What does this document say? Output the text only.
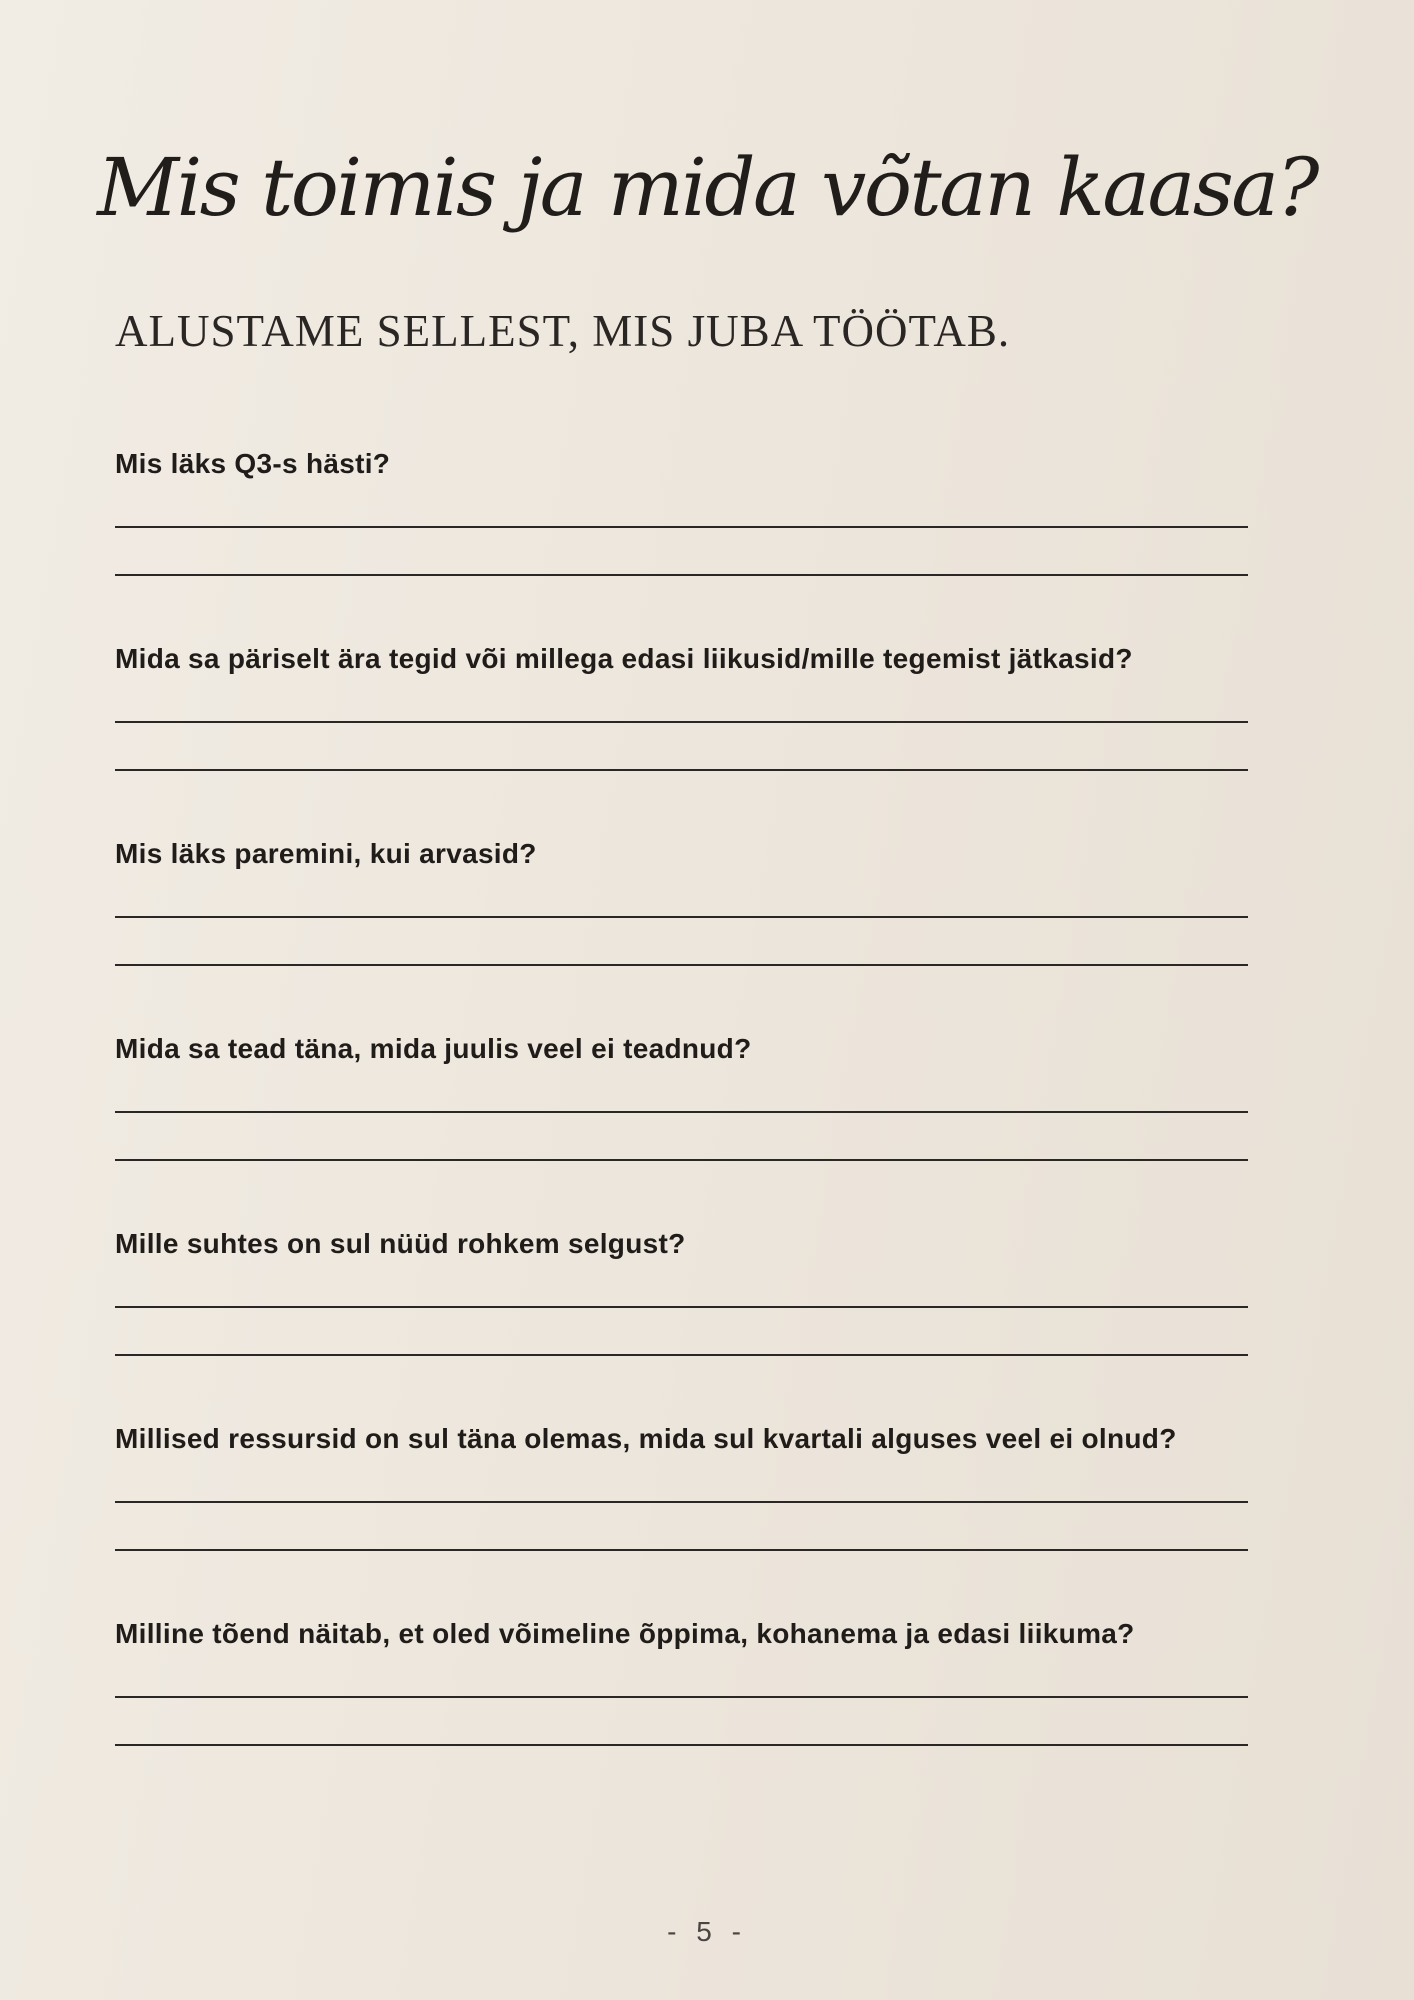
Mis toimis ja mida võtan kaasa?
ALUSTAME SELLEST, MIS JUBA TÖÖTAB.

Mis läks Q3-s hästi?

Mida sa päriselt ära tegid või millega edasi liikusid/mille tegemist jätkasid?

Mis läks paremini, kui arvasid?

Mida sa tead täna, mida juulis veel ei teadnud?

Mille suhtes on sul nüüd rohkem selgust?

Millised ressursid on sul täna olemas, mida sul kvartali alguses veel ei olnud?

Milline tõend näitab, et oled võimeline õppima, kohanema ja edasi liikuma?

- 5 -
